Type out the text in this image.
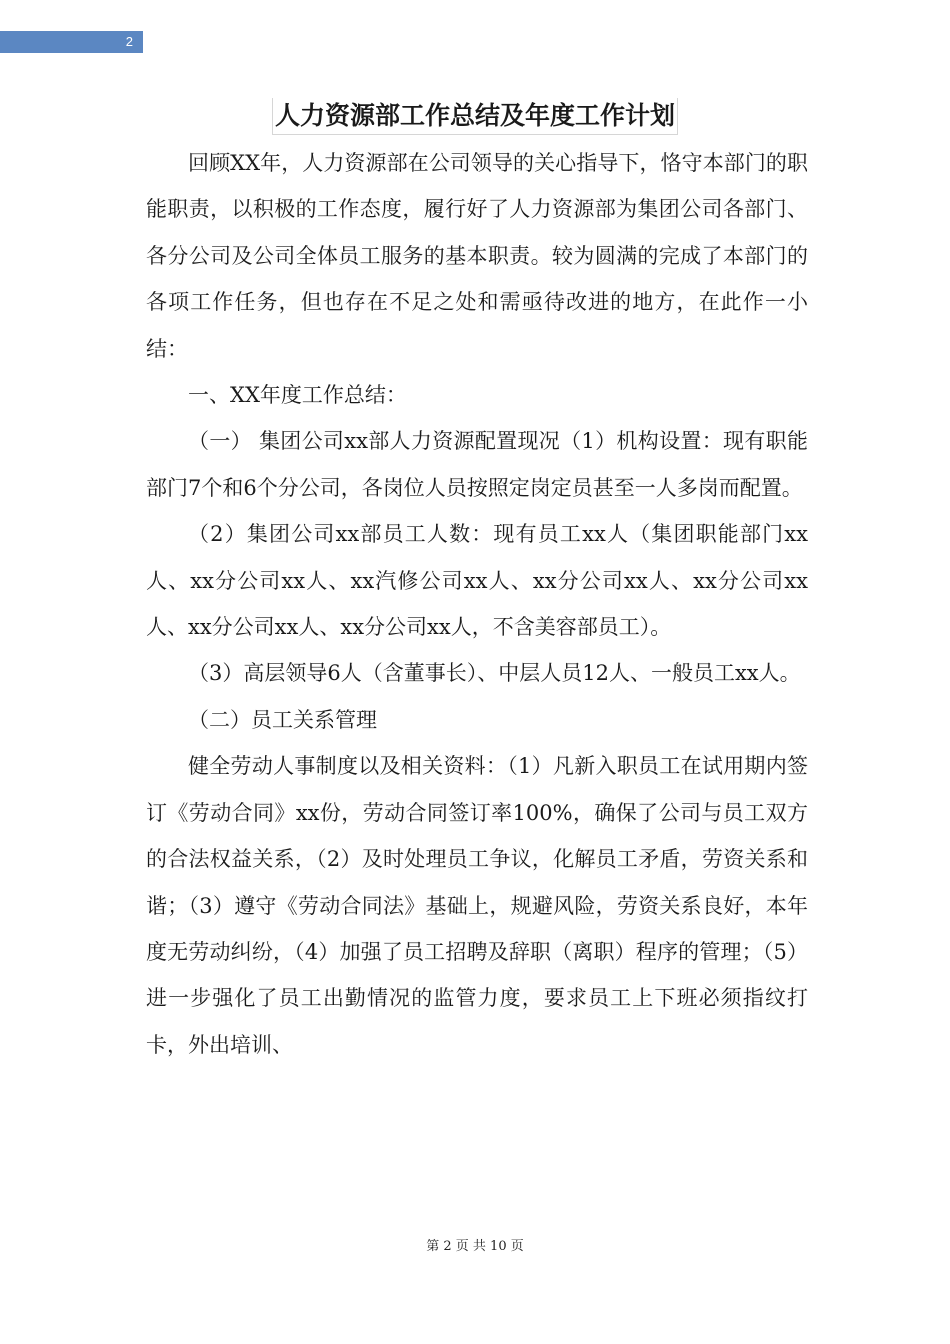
2
人力资源部工作总结及年度工作计划

回顾XX年，人力资源部在公司领导的关心指导下，恪守本部门的职能职责，以积极的工作态度，履行好了人力资源部为集团公司各部门、各分公司及公司全体员工服务的基本职责。较为圆满的完成了本部门的各项工作任务，但也存在不足之处和需亟待改进的地方，在此作一小结：

一、XX年度工作总结：

（一） 集团公司xx部人力资源配置现况（1）机构设置：现有职能部门7个和6个分公司，各岗位人员按照定岗定员甚至一人多岗而配置。

（2）集团公司xx部员工人数：现有员工xx人（集团职能部门xx人、xx分公司xx人、xx汽修公司xx人、xx分公司xx人、xx分公司xx人、xx分公司xx人、xx分公司xx人，不含美容部员工）。

（3）高层领导6人（含董事长）、中层人员12人、一般员工xx人。

（二）员工关系管理

健全劳动人事制度以及相关资料：（1）凡新入职员工在试用期内签订《劳动合同》xx份，劳动合同签订率100%，确保了公司与员工双方的合法权益关系，（2）及时处理员工争议，化解员工矛盾，劳资关系和谐；（3）遵守《劳动合同法》基础上，规避风险，劳资关系良好，本年度无劳动纠纷，（4）加强了员工招聘及辞职（离职）程序的管理；（5）进一步强化了员工出勤情况的监管力度，要求员工上下班必须指纹打卡，外出培训、

第 2 页 共 10 页
